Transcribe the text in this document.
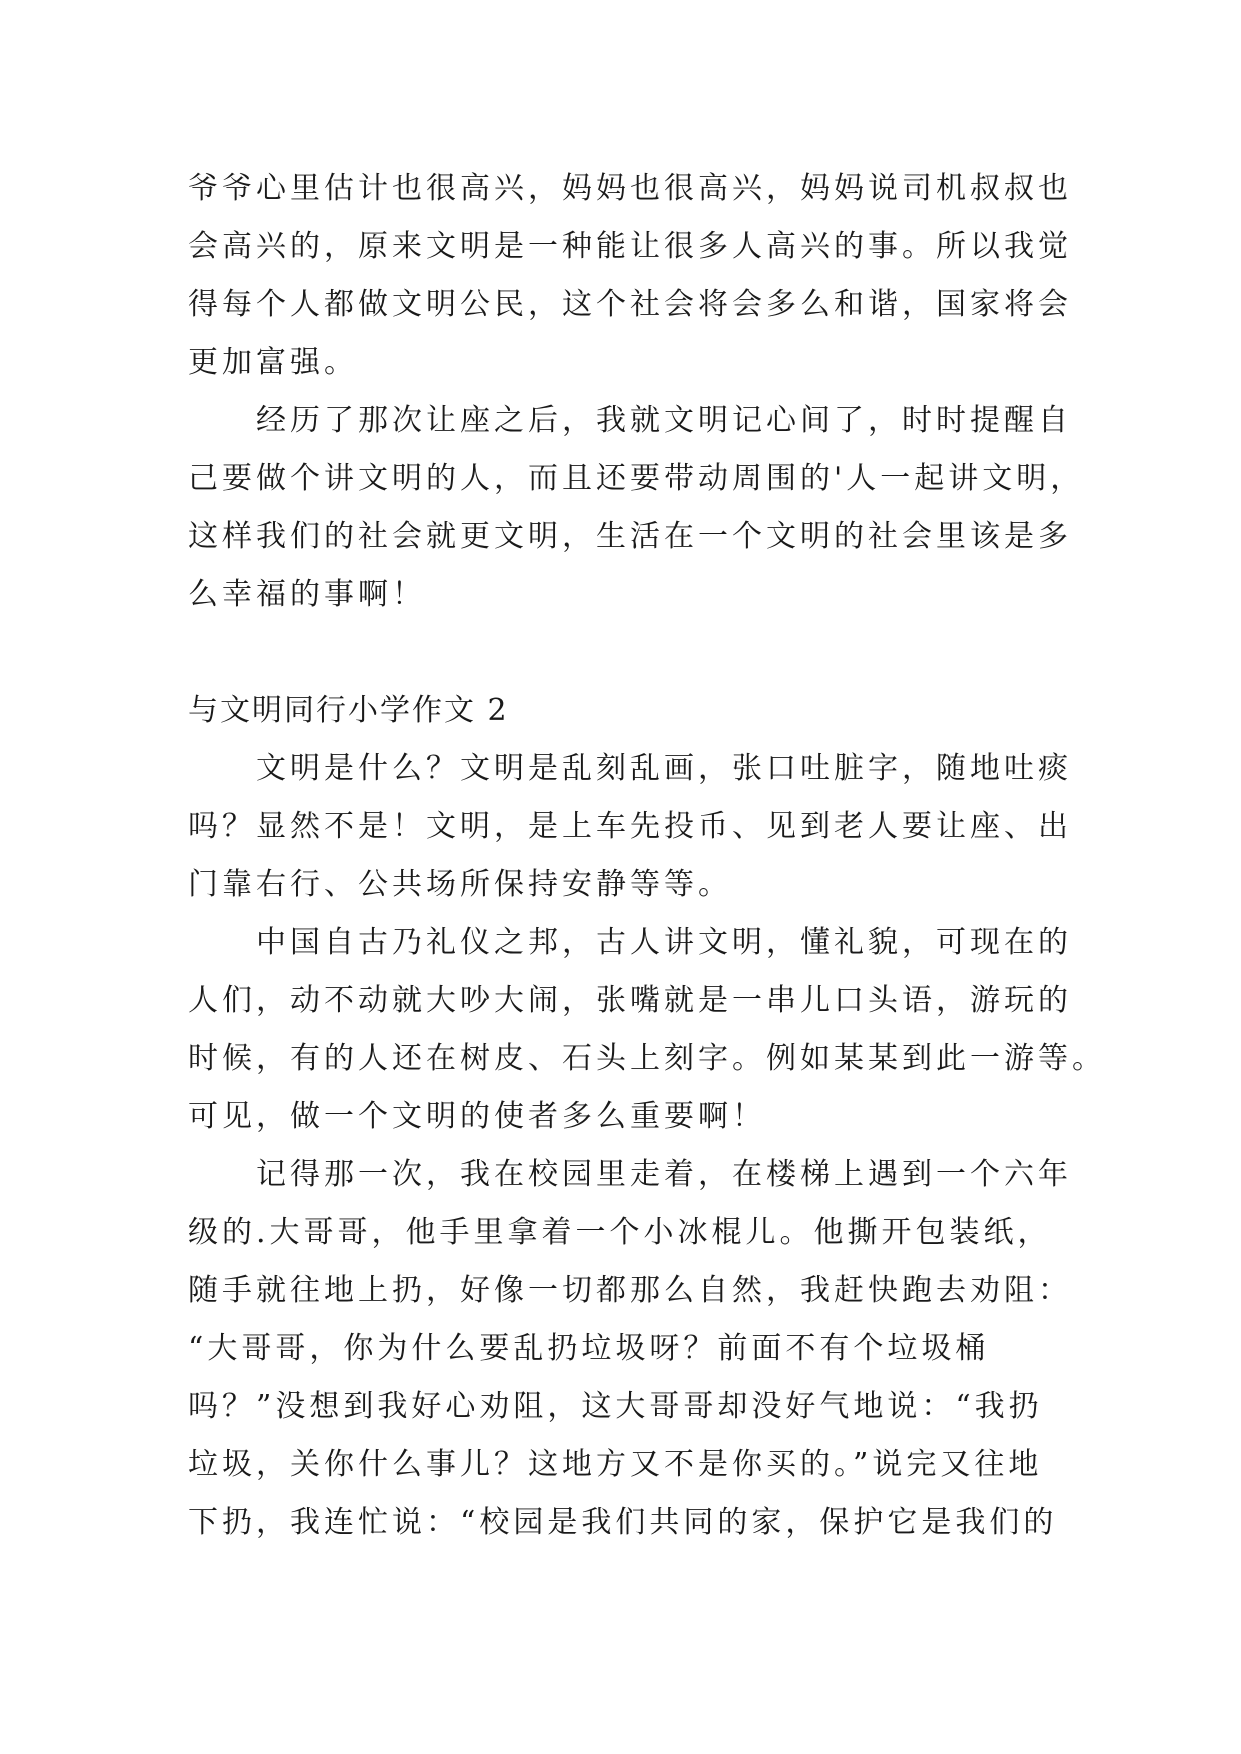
爷爷心里估计也很高兴，妈妈也很高兴，妈妈说司机叔叔也
会高兴的，原来文明是一种能让很多人高兴的事。所以我觉
得每个人都做文明公民，这个社会将会多么和谐，国家将会
更加富强。
经历了那次让座之后，我就文明记心间了，时时提醒自
己要做个讲文明的人，而且还要带动周围的'人一起讲文明，
这样我们的社会就更文明，生活在一个文明的社会里该是多
么幸福的事啊！
与文明同行小学作文 2
文明是什么？文明是乱刻乱画，张口吐脏字，随地吐痰
吗？显然不是！文明，是上车先投币、见到老人要让座、出
门靠右行、公共场所保持安静等等。
中国自古乃礼仪之邦，古人讲文明，懂礼貌，可现在的
人们，动不动就大吵大闹，张嘴就是一串儿口头语，游玩的
时候，有的人还在树皮、石头上刻字。例如某某到此一游等。
可见，做一个文明的使者多么重要啊！
记得那一次，我在校园里走着，在楼梯上遇到一个六年
级的.大哥哥，他手里拿着一个小冰棍儿。他撕开包装纸，
随手就往地上扔，好像一切都那么自然，我赶快跑去劝阻：
“大哥哥，你为什么要乱扔垃圾呀？前面不有个垃圾桶
吗？”没想到我好心劝阻，这大哥哥却没好气地说：“我扔
垃圾，关你什么事儿？这地方又不是你买的。”说完又往地
下扔，我连忙说：“校园是我们共同的家，保护它是我们的
